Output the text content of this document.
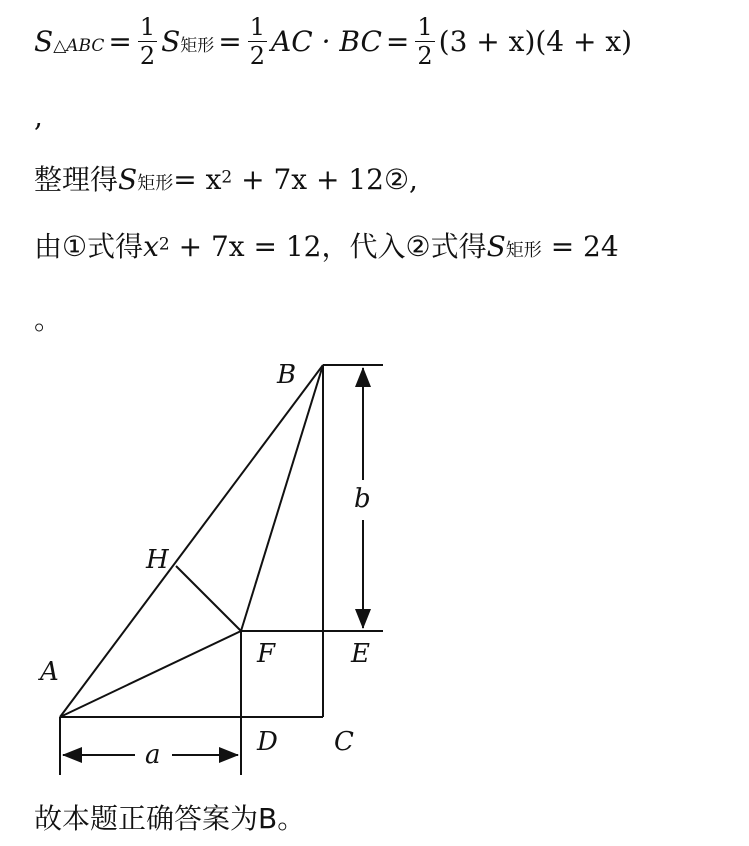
S△ABC = $\frac{1}{2}$ S矩形 = $\frac{1}{2}$ AC · BC = $\frac{1}{2} (3 + x)(4 + x)$
,
整理得S矩形= x2 + 7x + 12②,
由①式得x2 + 7x = 12，代入②式得S矩形 = 24
。
B
H
A
F	E
D C
b
a
故本题正确答案为B。
